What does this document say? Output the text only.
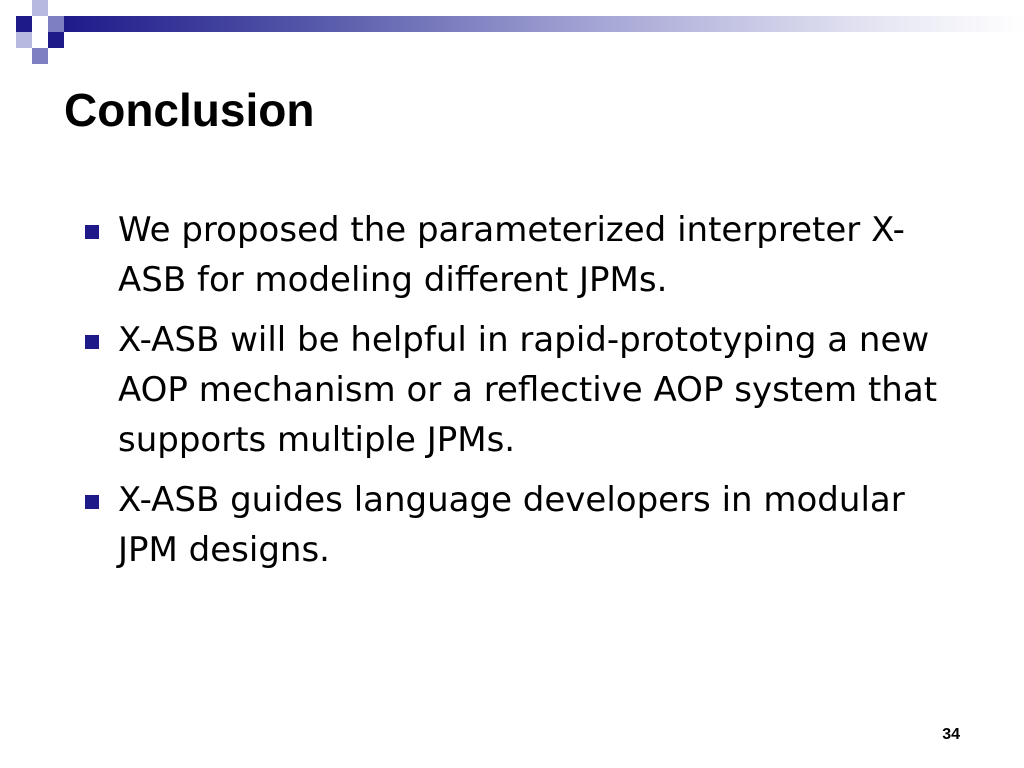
Conclusion
We proposed the parameterized interpreter X-ASB for modeling different JPMs.
X-ASB will be helpful in rapid-prototyping a new AOP mechanism or a reflective AOP system that supports multiple JPMs.
X-ASB guides language developers in modular JPM designs.
34
